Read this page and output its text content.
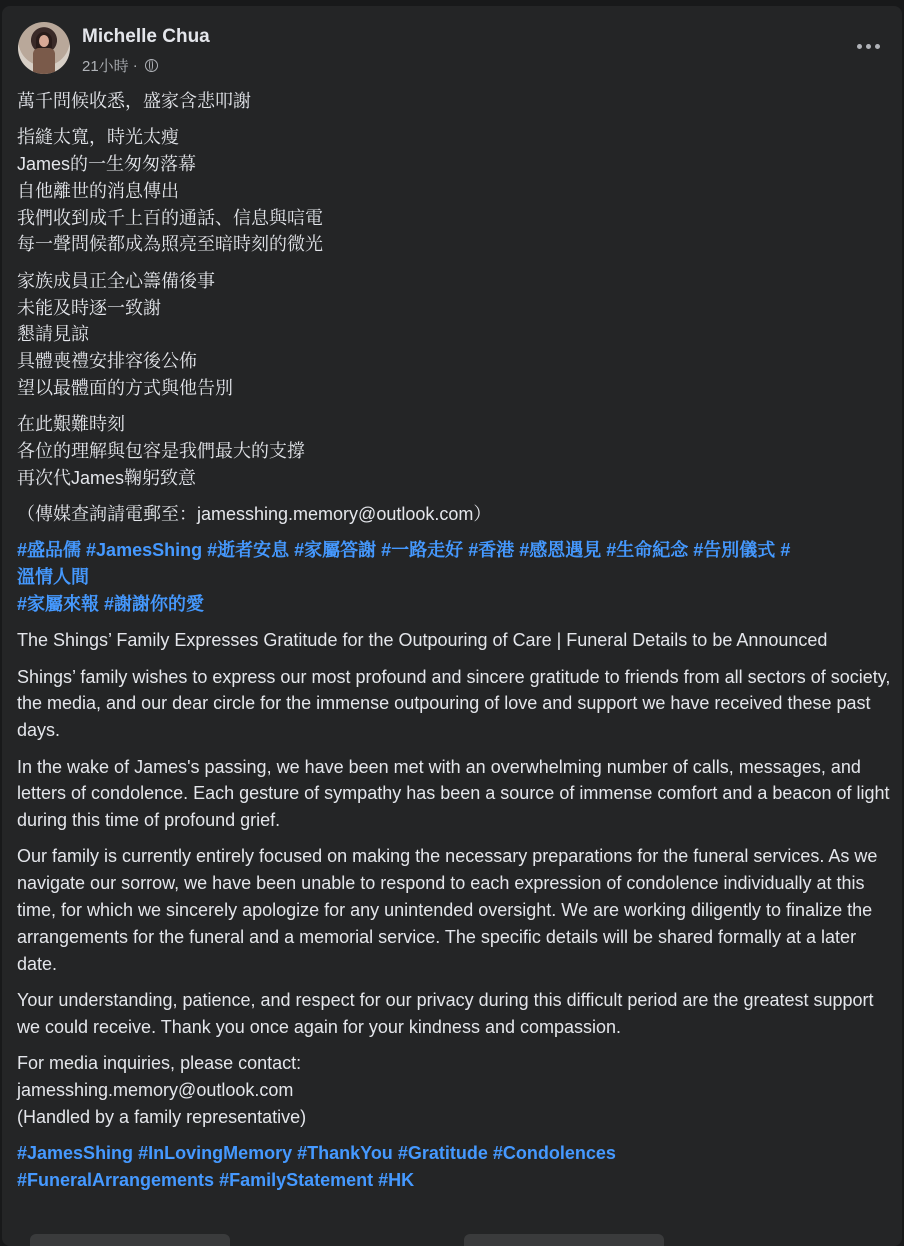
Michelle Chua
21小時 ·

萬千問候收悉，盛家含悲叩謝

指縫太寬，時光太瘦
James的一生匆匆落幕
自他離世的消息傳出
我們收到成千上百的通話、信息與唁電
每一聲問候都成為照亮至暗時刻的微光

家族成員正全心籌備後事
未能及時逐一致謝
懇請見諒
具體喪禮安排容後公佈
望以最體面的方式與他告別

在此艱難時刻
各位的理解與包容是我們最大的支撐
再次代James鞠躬致意

（傳媒查詢請電郵至：jamesshing.memory@outlook.com）

#盛品儒 #JamesShing #逝者安息 #家屬答謝 #一路走好 #香港 #感恩遇見 #生命紀念 #告別儀式 #
溫情人間
#家屬來報 #謝謝你的愛

The Shings’ Family Expresses Gratitude for the Outpouring of Care | Funeral Details to be Announced

Shings’ family wishes to express our most profound and sincere gratitude to friends from all sectors of society, the media, and our dear circle for the immense outpouring of love and support we have received these past days.

In the wake of James's passing, we have been met with an overwhelming number of calls, messages, and letters of condolence. Each gesture of sympathy has been a source of immense comfort and a beacon of light during this time of profound grief.

Our family is currently entirely focused on making the necessary preparations for the funeral services. As we navigate our sorrow, we have been unable to respond to each expression of condolence individually at this time, for which we sincerely apologize for any unintended oversight. We are working diligently to finalize the arrangements for the funeral and a memorial service. The specific details will be shared formally at a later date.

Your understanding, patience, and respect for our privacy during this difficult period are the greatest support we could receive. Thank you once again for your kindness and compassion.

For media inquiries, please contact:
jamesshing.memory@outlook.com
(Handled by a family representative)

#JamesShing #InLovingMemory #ThankYou #Gratitude #Condolences
#FuneralArrangements #FamilyStatement #HK
